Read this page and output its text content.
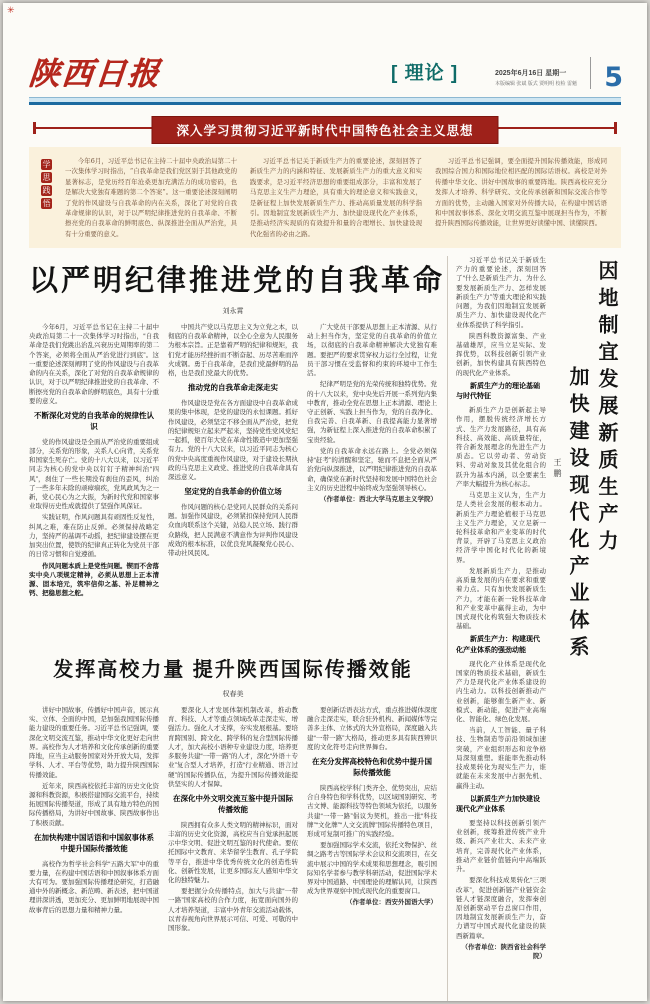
✳
陕西日报	[ 理论 ]	2025年6月16日 星期一
本版编辑 张斌 版式 贾明明 校检 雷魁 5
深入学习贯彻习近平新时代中国特色社会主义思想
学
思
践
悟
今年6月，习近平总书记在主持二十届中央政治局第二十一次集体学习时指出，“自我革命是我们党区别于其他政党的显著标志，是党历经百年沧桑更加充满活力的成功密码，也是解决大党独有难题的第二个答案”。这一重要论述深刻阐明了党的作风建设与自我革命的内在关系，深化了对党的自我革命规律的认识，对于以严明纪律推进党的自我革命、不断擦亮党的自我革命的鲜明底色、纵深推进全面从严治党，具有十分重要的意义。
习近平总书记关于新质生产力的重要论述，深刻回答了新质生产力的内涵和特征、发展新质生产力的重大意义和实践要求，是习近平经济思想的重要组成部分，丰富和发展了马克思主义生产力理论，具有重大的理论意义和实践意义，是新征程上加快发展新质生产力、推动高质量发展的科学指引。因地制宜发展新质生产力、加快建设现代化产业体系，是推动经济实现质的有效提升和量的合理增长、加快建设现代化强省的必由之路。
习近平总书记强调，要全面提升国际传播效能，形成同我国综合国力和国际地位相匹配的国际话语权。高校是对外传播中华文化、讲好中国故事的重要阵地。陕西高校应充分发挥人才培养、科学研究、文化传承创新和国际交流合作等方面的优势，主动融入国家对外传播大局，在构建中国话语和中国叙事体系、深化文明交流互鉴中展现担当作为，不断提升陕西国际传播效能，让世界更好读懂中国、读懂陕西。
以严明纪律推进党的自我革命
刘永霄
今年6月，习近平总书记在主持二十届中央政治局第二十一次集体学习时指出，“自我革命是我们党跳出治乱兴衰历史周期率的第二个答案，必须将全面从严治党进行到底”。这一重要论述深刻阐明了党的作风建设与自我革命的内在关系，深化了对党的自我革命规律的认识，对于以严明纪律推进党的自我革命、不断擦亮党的自我革命的鲜明底色，具有十分重要的意义。
不断深化对党的自我革命的规律性认识
党的作风建设是全面从严治党的重要组成部分，关系党的形象，关系人心向背，关系党和国家生死存亡。党的十八大以来，以习近平同志为核心的党中央以钉钉子精神纠治“四风”，刹住了一些长期没有刹住的歪风，纠治了一些多年未除的顽瘴痼疾，党风政风为之一新，党心民心为之大振，为新时代党和国家事业取得历史性成就提供了坚强作风保证。
实践证明，作风问题具有顽固性反复性，纠风之难，难在防止反弹。必须保持战略定力，坚持严的基调不动摇，把纪律建设摆在更加突出位置，使铁的纪律真正转化为党员干部的日常习惯和自觉遵循。
作风问题本质上是党性问题。锲而不舍落实中央八项规定精神，必须从思想上正本清源、固本培元，筑牢信仰之基、补足精神之钙、把稳思想之舵。
中国共产党以马克思主义为立党之本，以彻底的自我革命精神，以全心全意为人民服务为根本宗旨。正是靠着严明的纪律和规矩，我们党才能历经挫折而不断奋起、历尽苦难而淬火成钢。勇于自我革命，是我们党最鲜明的品格，也是我们党最大的优势。
推动党的自我革命走深走实
作风建设是党在各方面建设中自我革命成果的集中体现，是党的建设的永恒课题。抓好作风建设，必须坚定不移全面从严治党，把党的纪律规矩立起来严起来，坚持党性党风党纪一起抓，使百年大党在革命性锻造中更加坚强有力。党的十八大以来，以习近平同志为核心的党中央高度重视作风建设，对于建设长期执政的马克思主义政党、推进党的自我革命具有深远意义。
坚定党的自我革命的价值立场
作风问题的核心是党同人民群众的关系问题。加强作风建设，必须紧扣保持党同人民群众血肉联系这个关键，站稳人民立场、践行群众路线，把人民满意不满意作为评判作风建设成效的根本标准，以优良党风凝聚党心民心、带动社风民风。
广大党员干部要从思想上正本清源、从行动上担当作为，坚定党的自我革命的价值立场，以彻底的自我革命精神解决大党独有难题。要把严的要求贯穿权力运行全过程，让党员干部习惯在受监督和约束的环境中工作生活。
纪律严明是党的光荣传统和独特优势。党的十八大以来，党中央先后开展一系列党内集中教育，推动全党在思想上正本清源、理论上守正创新、实践上担当作为，党的自我净化、自我完善、自我革新、自我提高能力显著增强，为新征程上深入推进党的自我革命积累了宝贵经验。
党的自我革命永远在路上。全党必须保持“赶考”的清醒和坚定，驰而不息把全面从严治党向纵深推进，以严明纪律推进党的自我革命，确保党在新时代坚持和发展中国特色社会主义的历史进程中始终成为坚强领导核心。
（作者单位：西北大学马克思主义学院）
发挥高校力量 提升陕西国际传播效能
权春美
讲好中国故事，传播好中国声音，展示真实、立体、全面的中国，是加强我国国际传播能力建设的重要任务。习近平总书记强调，要深化文明交流互鉴，推动中华文化更好走向世界。高校作为人才培养和文化传承创新的重要阵地，应当主动服务国家对外开放大局，发挥学科、人才、平台等优势，助力提升陕西国际传播效能。
近年来，陕西高校依托丰富的历史文化资源和科教资源，积极搭建国际交流平台，持续拓展国际传播渠道，形成了具有地方特色的国际传播格局，为讲好中国故事、陕西故事作出了积极贡献。
在加快构建中国话语和中国叙事体系中提升国际传播效能
高校作为哲学社会科学“五路大军”中的重要力量，在构建中国话语和中国叙事体系方面大有可为。要加强国际传播理论研究，打造融通中外的新概念、新范畴、新表述，把中国道理讲深讲透，更加充分、更加鲜明地展现中国故事背后的思想力量和精神力量。
要深化人才发展体制机制改革，推动教育、科技、人才等重点领域改革走深走实、增强活力。强化人才支撑，夯实发展根基。要培育跨国别、跨文化、跨学科的复合型国际传播人才，加大高校小语种专业建设力度，培养更多服务共建“一带一路”的人才，深化“外语＋专业”复合型人才培养，打造“行业精通、语言过硬”的国际传播队伍，为提升国际传播效能提供坚实的人才保障。
在深化中外文明交流互鉴中提升国际传播效能
陕西拥有众多人类文明的精神标识，面对丰富的历史文化资源，高校应当自觉承担起展示中华文明、促进文明互鉴的时代使命。要依托国际中文教育、来华留学生教育、孔子学院等平台，推进中华优秀传统文化的创造性转化、创新性发展，让更多国际友人感知中华文化的独特魅力。
要把握分众传播特点，加大与共建“一带一路”国家高校的合作力度，拓宽面向国外的人才培养渠道，丰富中外青年交流活动载体，以青春视角向世界展示可信、可爱、可敬的中国形象。
要创新话语表达方式，重点推进媒体深度融合走深走实，联合驻外机构、新闻媒体等完善多主体、立体式的大外宣格局，深度融入共建“一带一路”大格局，推动更多具有陕西辨识度的文化符号走向世界舞台。
在充分发挥高校特色和优势中提升国际传播效能
陕西高校学科门类齐全、优势突出，应结合自身特色和学科优势，以区域国别研究、考古文博、能源科技等特色领域为依托，以服务共建“一带一路”倡议为契机，推出一批“科技牌”“文化牌”“人文交流牌”国际传播特色项目，形成可复制可推广的实践经验。
要加强国际学术交流，依托文物保护、丝绸之路考古等国际学术会议和交流项目，在交流中展示中国的学术成果和思想理念，吸引国际知名学者参与教学科研活动，促进国际学术界对中国道路、中国理论的理解认同，让陕西成为世界观察中国式现代化的重要窗口。
（作者单位：西安外国语大学）
习近平总书记关于新质生产力的重要论述，深刻回答了“什么是新质生产力、为什么要发展新质生产力、怎样发展新质生产力”等重大理论和实践问题，为我们因地制宜发展新质生产力、加快建设现代化产业体系提供了科学指引。
陕西科教资源富集、产业基础雄厚，应当立足实际、发挥优势，以科技创新引领产业创新，加快构建具有陕西特色的现代化产业体系。
新质生产力的理论基础与时代特征
新质生产力是创新起主导作用，摆脱传统经济增长方式、生产力发展路径，具有高科技、高效能、高质量特征，符合新发展理念的先进生产力质态。它以劳动者、劳动资料、劳动对象及其优化组合的跃升为基本内涵，以全要素生产率大幅提升为核心标志。
马克思主义认为，生产力是人类社会发展的根本动力。新质生产力理论植根于马克思主义生产力理论，又立足新一轮科技革命和产业变革的时代背景，开辟了马克思主义政治经济学中国化时代化的新境界。
发展新质生产力，是推动高质量发展的内在要求和重要着力点。只有加快发展新质生产力，才能在新一轮科技革命和产业变革中赢得主动，为中国式现代化构筑强大物质技术基础。
新质生产力：构建现代化产业体系的强劲动能
现代化产业体系是现代化国家的物质技术基础，新质生产力是现代化产业体系建设的内生动力。以科技创新推动产业创新，能够催生新产业、新模式、新动能，促进产业高端化、智能化、绿色化发展。
当前，人工智能、量子科技、生物制造等前沿领域加速突破，产业组织形态和竞争格局深刻重塑。谁能率先推动科技成果转化为现实生产力，谁就能在未来发展中占据先机、赢得主动。
以新质生产力加快建设现代化产业体系
要坚持以科技创新引领产业创新，统筹推进传统产业升级、新兴产业壮大、未来产业培育，完善现代化产业体系，推动产业链价值链向中高端跃升。
要深化科技成果转化“三项改革”，促进创新链产业链资金链人才链深度融合，发挥秦创原创新驱动平台总窗口作用，因地制宜发展新质生产力，奋力谱写中国式现代化建设的陕西新篇章。
（作者单位：陕西省社会科学院）
因地制宜发展新质生产力
加快建设现代化产业体系
王鹏
